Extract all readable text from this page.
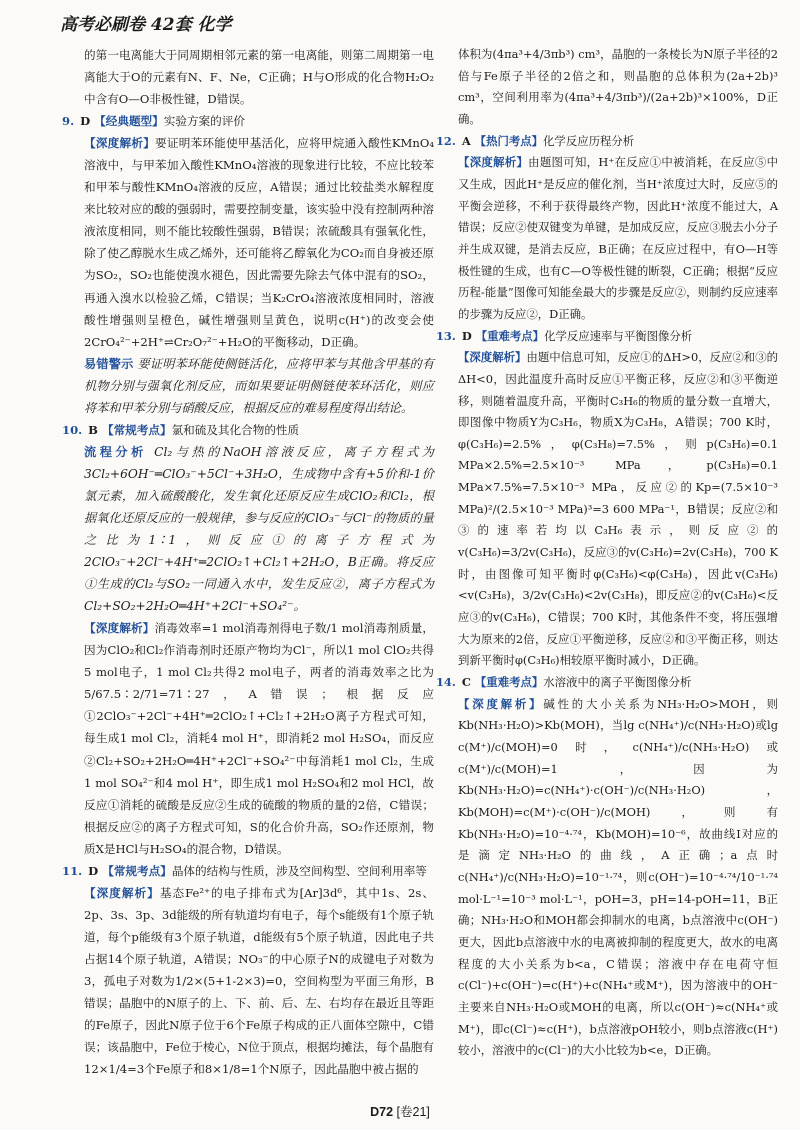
高考必刷卷 42套 化学

的第一电离能大于同周期相邻元素的第一电离能，则第二周期第一电离能大于O的元素有N、F、Ne，C正确；H与O形成的化合物H₂O₂中含有O—O非极性键，D错误。

9. D 【经典题型】实验方案的评价

【深度解析】要证明苯环能使甲基活化，应将甲烷通入酸性KMnO₄溶液中，与甲苯加入酸性KMnO₄溶液的现象进行比较，不应比较苯和甲苯与酸性KMnO₄溶液的反应，A错误；通过比较盐类水解程度来比较对应的酸的强弱时，需要控制变量，该实验中没有控制两种溶液浓度相同，则不能比较酸性强弱，B错误；浓硫酸具有强氧化性，除了使乙醇脱水生成乙烯外，还可能将乙醇氧化为CO₂而自身被还原为SO₂，SO₂也能使溴水褪色，因此需要先除去气体中混有的SO₂，再通入溴水以检验乙烯，C错误；当K₂CrO₄溶液浓度相同时，溶液酸性增强则呈橙色，碱性增强则呈黄色，说明c(H⁺)的改变会使2CrO₄²⁻+2H⁺⇌Cr₂O₇²⁻+H₂O的平衡移动，D正确。

易错警示 要证明苯环能使侧链活化，应将甲苯与其他含甲基的有机物分别与强氧化剂反应，而如果要证明侧链使苯环活化，则应将苯和甲苯分别与硝酸反应，根据反应的难易程度得出结论。

10. B 【常规考点】氯和硫及其化合物的性质

流程分析 Cl₂与热的NaOH溶液反应，离子方程式为3Cl₂+6OH⁻═ClO₃⁻+5Cl⁻+3H₂O，生成物中含有+5价和-1价氯元素，加入硫酸酸化，发生氧化还原反应生成ClO₂和Cl₂，根据氧化还原反应的一般规律，参与反应的ClO₃⁻与Cl⁻的物质的量之比为1∶1，则反应①的离子方程式为2ClO₃⁻+2Cl⁻+4H⁺═2ClO₂↑+Cl₂↑+2H₂O，B正确。将反应①生成的Cl₂与SO₂一同通入水中，发生反应②，离子方程式为Cl₂+SO₂+2H₂O═4H⁺+2Cl⁻+SO₄²⁻。

【深度解析】消毒效率=1 mol消毒剂得电子数/1 mol消毒剂质量，因为ClO₂和Cl₂作消毒剂时还原产物均为Cl⁻，所以1 mol ClO₂共得5 mol电子，1 mol Cl₂共得2 mol电子，两者的消毒效率之比为5/67.5∶2/71=71∶27，A错误；根据反应①2ClO₃⁻+2Cl⁻+4H⁺═2ClO₂↑+Cl₂↑+2H₂O离子方程式可知，每生成1 mol Cl₂，消耗4 mol H⁺，即消耗2 mol H₂SO₄，而反应②Cl₂+SO₂+2H₂O═4H⁺+2Cl⁻+SO₄²⁻中每消耗1 mol Cl₂，生成1 mol SO₄²⁻和4 mol H⁺，即生成1 mol H₂SO₄和2 mol HCl，故反应①消耗的硫酸是反应②生成的硫酸的物质的量的2倍，C错误；根据反应②的离子方程式可知，S的化合价升高，SO₂作还原剂，物质X是HCl与H₂SO₄的混合物，D错误。

11. D 【常规考点】晶体的结构与性质，涉及空间构型、空间利用率等

【深度解析】基态Fe²⁺的电子排布式为[Ar]3d⁶，其中1s、2s、2p、3s、3p、3d能级的所有轨道均有电子，每个s能级有1个原子轨道，每个p能级有3个原子轨道，d能级有5个原子轨道，因此电子共占据14个原子轨道，A错误；NO₃⁻的中心原子N的成键电子对数为3，孤电子对数为1/2×(5+1-2×3)=0，空间构型为平面三角形，B错误；晶胞中的N原子的上、下、前、后、左、右均存在最近且等距的Fe原子，因此N原子位于6个Fe原子构成的正八面体空隙中，C错误；该晶胞中，Fe位于棱心，N位于顶点，根据均摊法，每个晶胞有12×1/4=3个Fe原子和8×1/8=1个N原子，因此晶胞中被占据的

体积为(4πa³+4/3πb³) cm³，晶胞的一条棱长为N原子半径的2倍与Fe原子半径的2倍之和，则晶胞的总体积为(2a+2b)³ cm³，空间利用率为(4πa³+4/3πb³)/(2a+2b)³×100%，D正确。

12. A 【热门考点】化学反应历程分析

【深度解析】由题图可知，H⁺在反应①中被消耗，在反应⑤中又生成，因此H⁺是反应的催化剂，当H⁺浓度过大时，反应⑤的平衡会逆移，不利于获得最终产物，因此H⁺浓度不能过大，A错误；反应②使双键变为单键，是加成反应，反应③脱去小分子并生成双键，是消去反应，B正确；在反应过程中，有O—H等极性键的生成，也有C—O等极性键的断裂，C正确；根据“反应历程-能量”图像可知能垒最大的步骤是反应②，则制约反应速率的步骤为反应②，D正确。

13. D 【重难考点】化学反应速率与平衡图像分析

【深度解析】由题中信息可知，反应①的ΔH>0，反应②和③的ΔH<0，因此温度升高时反应①平衡正移，反应②和③平衡逆移，则随着温度升高，平衡时C₃H₆的物质的量分数一直增大，即图像中物质Y为C₃H₆，物质X为C₃H₈，A错误；700 K时，φ(C₃H₆)=2.5%，φ(C₃H₈)=7.5%，则p(C₃H₆)=0.1 MPa×2.5%=2.5×10⁻³ MPa，p(C₃H₈)=0.1 MPa×7.5%=7.5×10⁻³ MPa，反应②的Kp=(7.5×10⁻³ MPa)²/(2.5×10⁻³ MPa)³=3 600 MPa⁻¹，B错误；反应②和③的速率若均以C₃H₆表示，则反应②的v(C₃H₆)=3/2v(C₃H₆)，反应③的v(C₃H₆)=2v(C₃H₈)，700 K时，由图像可知平衡时φ(C₃H₆)<φ(C₃H₈)，因此v(C₃H₆)<v(C₃H₈)，3/2v(C₃H₆)<2v(C₃H₈)，即反应②的v(C₃H₆)<反应③的v(C₃H₆)，C错误；700 K时，其他条件不变，将压强增大为原来的2倍，反应①平衡逆移，反应②和③平衡正移，则达到新平衡时φ(C₃H₆)相较原平衡时减小，D正确。

14. C 【重难考点】水溶液中的离子平衡图像分析

【深度解析】碱性的大小关系为NH₃·H₂O>MOH，则Kb(NH₃·H₂O)>Kb(MOH)，当lg c(NH₄⁺)/c(NH₃·H₂O)或lg c(M⁺)/c(MOH)=0时，c(NH₄⁺)/c(NH₃·H₂O)或c(M⁺)/c(MOH)=1，因为Kb(NH₃·H₂O)=c(NH₄⁺)·c(OH⁻)/c(NH₃·H₂O)，Kb(MOH)=c(M⁺)·c(OH⁻)/c(MOH)，则有Kb(NH₃·H₂O)=10⁻⁴·⁷⁴，Kb(MOH)=10⁻⁶，故曲线Ⅰ对应的是滴定NH₃·H₂O的曲线，A正确；a点时c(NH₄⁺)/c(NH₃·H₂O)=10⁻¹·⁷⁴，则c(OH⁻)=10⁻⁴·⁷⁴/10⁻¹·⁷⁴ mol·L⁻¹=10⁻³ mol·L⁻¹，pOH=3，pH=14-pOH=11，B正确；NH₃·H₂O和MOH都会抑制水的电离，b点溶液中c(OH⁻)更大，因此b点溶液中水的电离被抑制的程度更大，故水的电离程度的大小关系为b<a，C错误；溶液中存在电荷守恒c(Cl⁻)+c(OH⁻)=c(H⁺)+c(NH₄⁺或M⁺)，因为溶液中的OH⁻主要来自NH₃·H₂O或MOH的电离，所以c(OH⁻)≈c(NH₄⁺或M⁺)，即c(Cl⁻)≈c(H⁺)，b点溶液pOH较小，则b点溶液c(H⁺)较小，溶液中的c(Cl⁻)的大小比较为b<e，D正确。

D72 [卷21]
